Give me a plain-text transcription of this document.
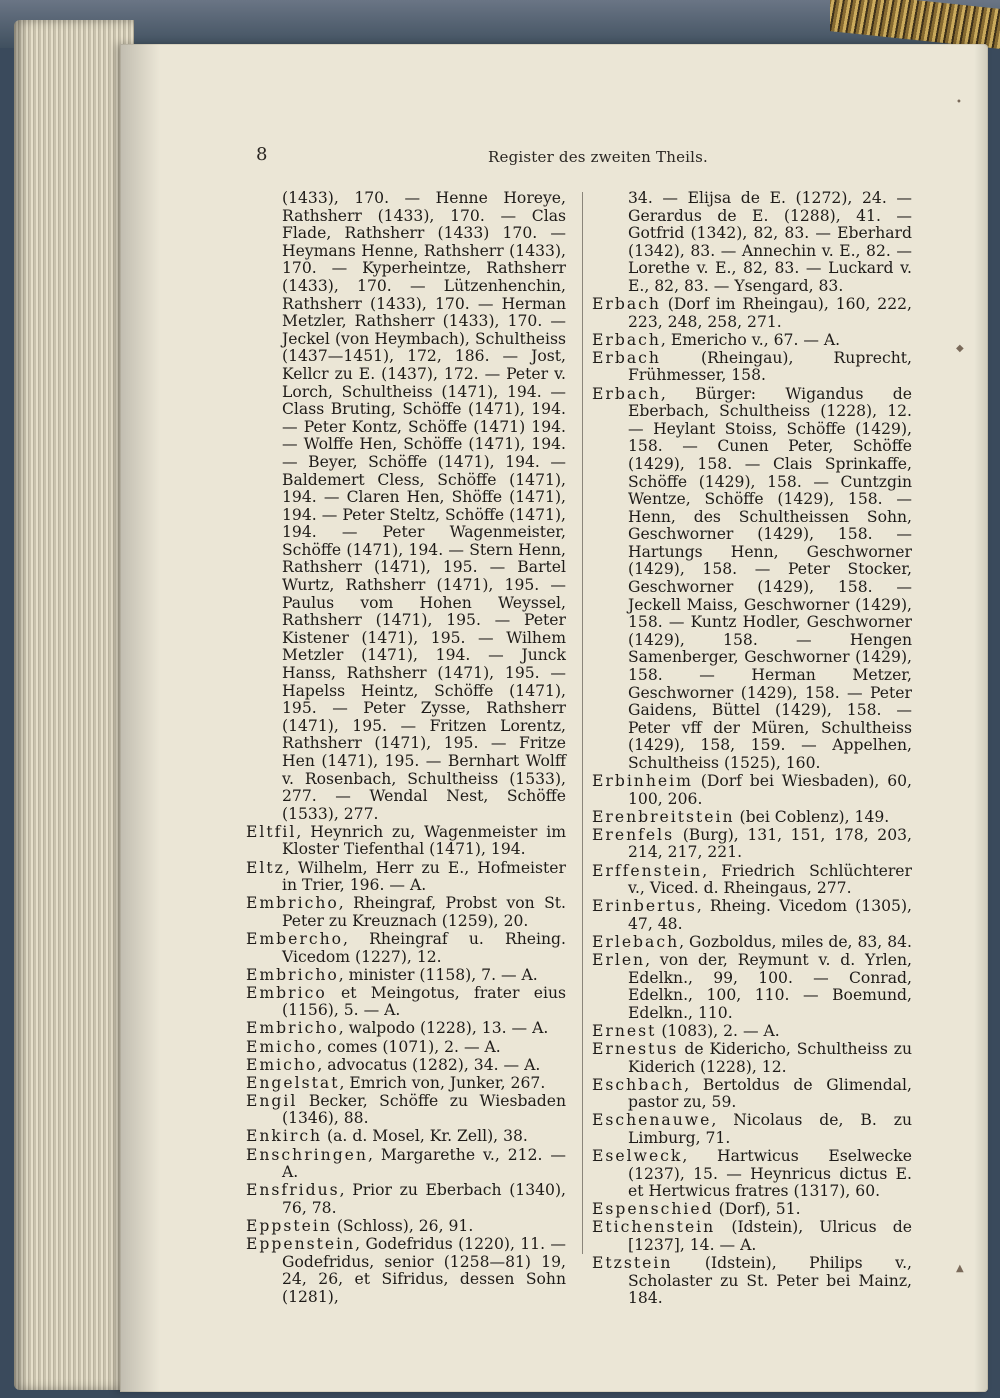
8	Register des zweiten Theils.
(1433), 170. — Henne Horeye, Rathsherr (1433), 170. — Clas Flade, Rathsherr (1433) 170. — Heymans Henne, Rathsherr (1433), 170. — Kyperheintze, Rathsherr (1433), 170. — Lützenhenchin, Rathsherr (1433), 170. — Herman Metzler, Rathsherr (1433), 170. — Jeckel (von Heymbach), Schultheiss (1437—1451), 172, 186. — Jost, Kellcr zu E. (1437), 172. — Peter v. Lorch, Schultheiss (1471), 194. — Class Bruting, Schöffe (1471), 194. — Peter Kontz, Schöffe (1471) 194. — Wolffe Hen, Schöffe (1471), 194. — Beyer, Schöffe (1471), 194. — Baldemert Cless, Schöffe (1471), 194. — Claren Hen, Shöffe (1471), 194. — Peter Steltz, Schöffe (1471), 194. — Peter Wagenmeister, Schöffe (1471), 194. — Stern Henn, Rathsherr (1471), 195. — Bartel Wurtz, Rathsherr (1471), 195. — Paulus vom Hohen Weyssel, Rathsherr (1471), 195. — Peter Kistener (1471), 195. — Wilhem Metzler (1471), 194. — Junck Hanss, Rathsherr (1471), 195. — Hapelss Heintz, Schöffe (1471), 195. — Peter Zysse, Rathsherr (1471), 195. — Fritzen Lorentz, Rathsherr (1471), 195. — Fritze Hen (1471), 195. — Bernhart Wolff v. Rosenbach, Schultheiss (1533), 277. — Wendal Nest, Schöffe (1533), 277.
Eltfil, Heynrich zu, Wagenmeister im Kloster Tiefenthal (1471), 194.
Eltz, Wilhelm, Herr zu E., Hofmeister in Trier, 196. — A.
Embricho, Rheingraf, Probst von St. Peter zu Kreuznach (1259), 20.
Embercho, Rheingraf u. Rheing. Vicedom (1227), 12.
Embricho, minister (1158), 7. — A.
Embrico et Meingotus, frater eius (1156), 5. — A.
Embricho, walpodo (1228), 13. — A.
Emicho, comes (1071), 2. — A.
Emicho, advocatus (1282), 34. — A.
Engelstat, Emrich von, Junker, 267.
Engil Becker, Schöffe zu Wiesbaden (1346), 88.
Enkirch (a. d. Mosel, Kr. Zell), 38.
Enschringen, Margarethe v., 212. — A.
Ensfridus, Prior zu Eberbach (1340), 76, 78.
Eppstein (Schloss), 26, 91.
Eppenstein, Godefridus (1220), 11. — Godefridus, senior (1258—81) 19, 24, 26, et Sifridus, dessen Sohn (1281),
34. — Elijsa de E. (1272), 24. — Gerardus de E. (1288), 41. — Gotfrid (1342), 82, 83. — Eberhard (1342), 83. — Annechin v. E., 82. — Lorethe v. E., 82, 83. — Luckard v. E., 82, 83. — Ysengard, 83.
Erbach (Dorf im Rheingau), 160, 222, 223, 248, 258, 271.
Erbach, Emericho v., 67. — A.
Erbach (Rheingau), Ruprecht, Frühmesser, 158.
Erbach, Bürger: Wigandus de Eberbach, Schultheiss (1228), 12. — Heylant Stoiss, Schöffe (1429), 158. — Cunen Peter, Schöffe (1429), 158. — Clais Sprinkaffe, Schöffe (1429), 158. — Cuntzgin Wentze, Schöffe (1429), 158. — Henn, des Schultheissen Sohn, Geschworner (1429), 158. — Hartungs Henn, Geschworner (1429), 158. — Peter Stocker, Geschworner (1429), 158. — Jeckell Maiss, Geschworner (1429), 158. — Kuntz Hodler, Geschworner (1429), 158. — Hengen Samenberger, Geschworner (1429), 158. — Herman Metzer, Geschworner (1429), 158. — Peter Gaidens, Büttel (1429), 158. — Peter vff der Müren, Schultheiss (1429), 158, 159. — Appelhen, Schultheiss (1525), 160.
Erbinheim (Dorf bei Wiesbaden), 60, 100, 206.
Erenbreitstein (bei Coblenz), 149.
Erenfels (Burg), 131, 151, 178, 203, 214, 217, 221.
Erffenstein, Friedrich Schlüchterer v., Viced. d. Rheingaus, 277.
Erinbertus, Rheing. Vicedom (1305), 47, 48.
Erlebach, Gozboldus, miles de, 83, 84.
Erlen, von der, Reymunt v. d. Yrlen, Edelkn., 99, 100. — Conrad, Edelkn., 100, 110. — Boemund, Edelkn., 110.
Ernest (1083), 2. — A.
Ernestus de Kidericho, Schultheiss zu Kiderich (1228), 12.
Eschbach, Bertoldus de Glimendal, pastor zu, 59.
Eschenauwe, Nicolaus de, B. zu Limburg, 71.
Eselweck, Hartwicus Eselwecke (1237), 15. — Heynricus dictus E. et Hertwicus fratres (1317), 60.
Espenschied (Dorf), 51.
Etichenstein (Idstein), Ulricus de [1237], 14. — A.
Etzstein (Idstein), Philips v., Scholaster zu St. Peter bei Mainz, 184.
•
◆
▲
